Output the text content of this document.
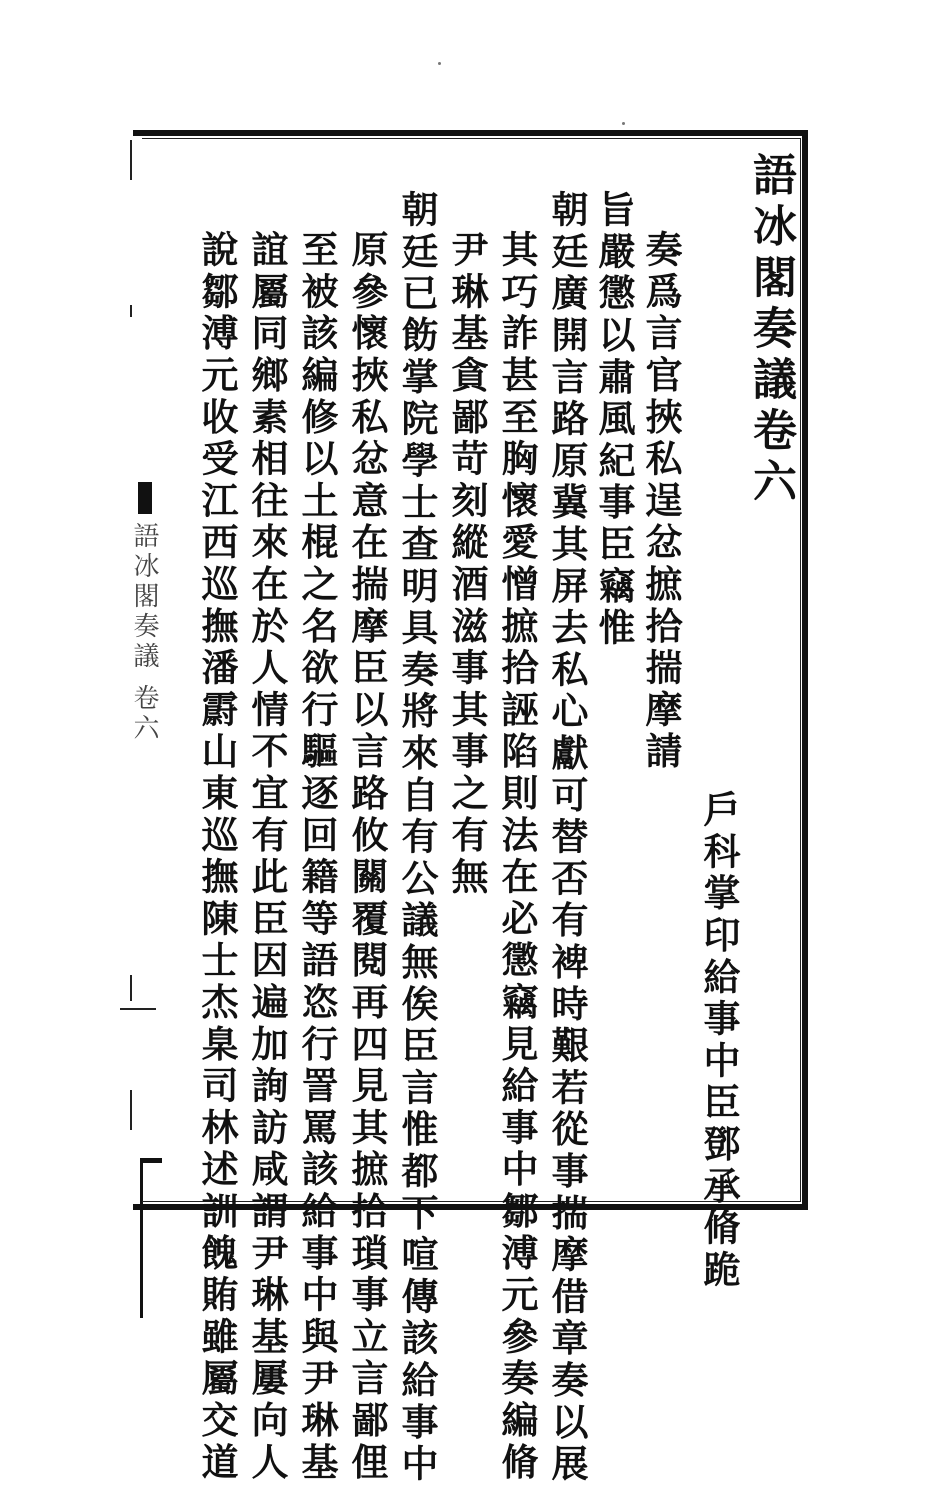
語冰閣奏議 卷六
語冰閣奏議卷六
戶科掌印給事中臣鄧承脩跪
奏爲言官挾私逞忿摭拾揣摩請
旨嚴懲以肅風紀事臣竊惟
朝廷廣開言路原冀其屏去私心獻可替否有裨時艱若從事揣摩借章奏以展
其巧詐甚至胸懷愛憎摭拾誣陷則法在必懲竊見給事中鄒溥元參奏編脩
尹琳基貪鄙苛刻縱酒滋事其事之有無
朝廷已飭掌院學士查明具奏將來自有公議無俟臣言惟都下喧傳該給事中
原參懷挾私忿意在揣摩臣以言路攸關覆閱再四見其摭拾瑣事立言鄙俚
至被該編修以土棍之名欲行驅逐回籍等語恣行詈罵該給事中與尹琳基
誼屬同鄉素相往來在於人情不宜有此臣因遍加詢訪咸謂尹琳基屢向人
說鄒溥元收受江西巡撫潘霨山東巡撫陳士杰臬司林述訓餽賄雖屬交道
